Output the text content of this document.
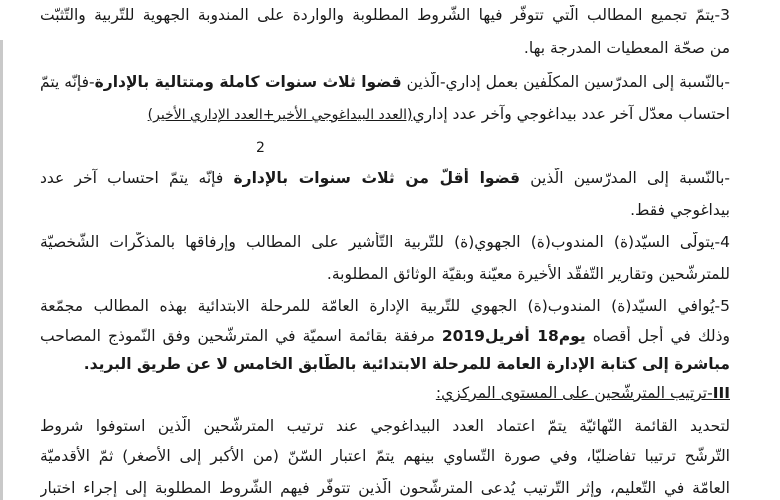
3-يتمّ تجميع المطالب الّتي تتوفّر فيها الشّروط المطلوبة والواردة على المندوبة الجهوية للتّربية والتّثبّت
من صحّة المعطيات المدرجة بها.
-بالنّسبة إلى المدرّسين المكلّفين بعمل إداري-الّذين قضوا ثلاث سنوات كاملة ومتتالية بالإدارة-فإنّه يتمّ
احتساب معدّل آخر عدد بيداغوجي وآخر عدد إداري(العدد البيداغوجي الأخير+العدد الإداري الأخير)
2
-بالنّسبة إلى المدرّسين الّذين قضوا أقلّ من ثلاث سنوات بالإدارة فإنّه يتمّ احتساب آخر عدد
بيداغوجي فقط.
4-يتولّى السيّد(ة) المندوب(ة) الجهوي(ة) للتّربية التّأشير على المطالب وإرفاقها بالمذكّرات الشّخصيّة
للمترشّحين وتقارير التّفقّد الأخيرة معيّنة وبقيّة الوثائق المطلوبة.
5-يُوافي السيّد(ة) المندوب(ة) الجهوي للتّربية الإدارة العامّة للمرحلة الابتدائية بهذه المطالب مجمّعة
وذلك في أجل أقصاه يوم18 أفريل2019 مرفقة بقائمة اسميّة في المترشّحين وفق النّموذج المصاحب
مباشرة إلى كتابة الإدارة العامة للمرحلة الابتدائية بالطّابق الخامس لا عن طريق البريد.
III-ترتيب المترشّحين على المستوى المركزي:
لتحديد القائمة النّهائيّة يتمّ اعتماد العدد البيداغوجي عند ترتيب المترشّحين الّذين استوفوا شروط
التّرشّح ترتيبا تفاضليّا، وفي صورة التّساوي بينهم يتمّ اعتبار السّنّ (من الأكبر إلى الأصغر) ثمّ الأقدميّة
العامّة في التّعليم، وإثر التّرتيب يُدعى المترشّحون الّذين تتوفّر فيهم الشّروط المطلوبة إلى إجراء اختبار
